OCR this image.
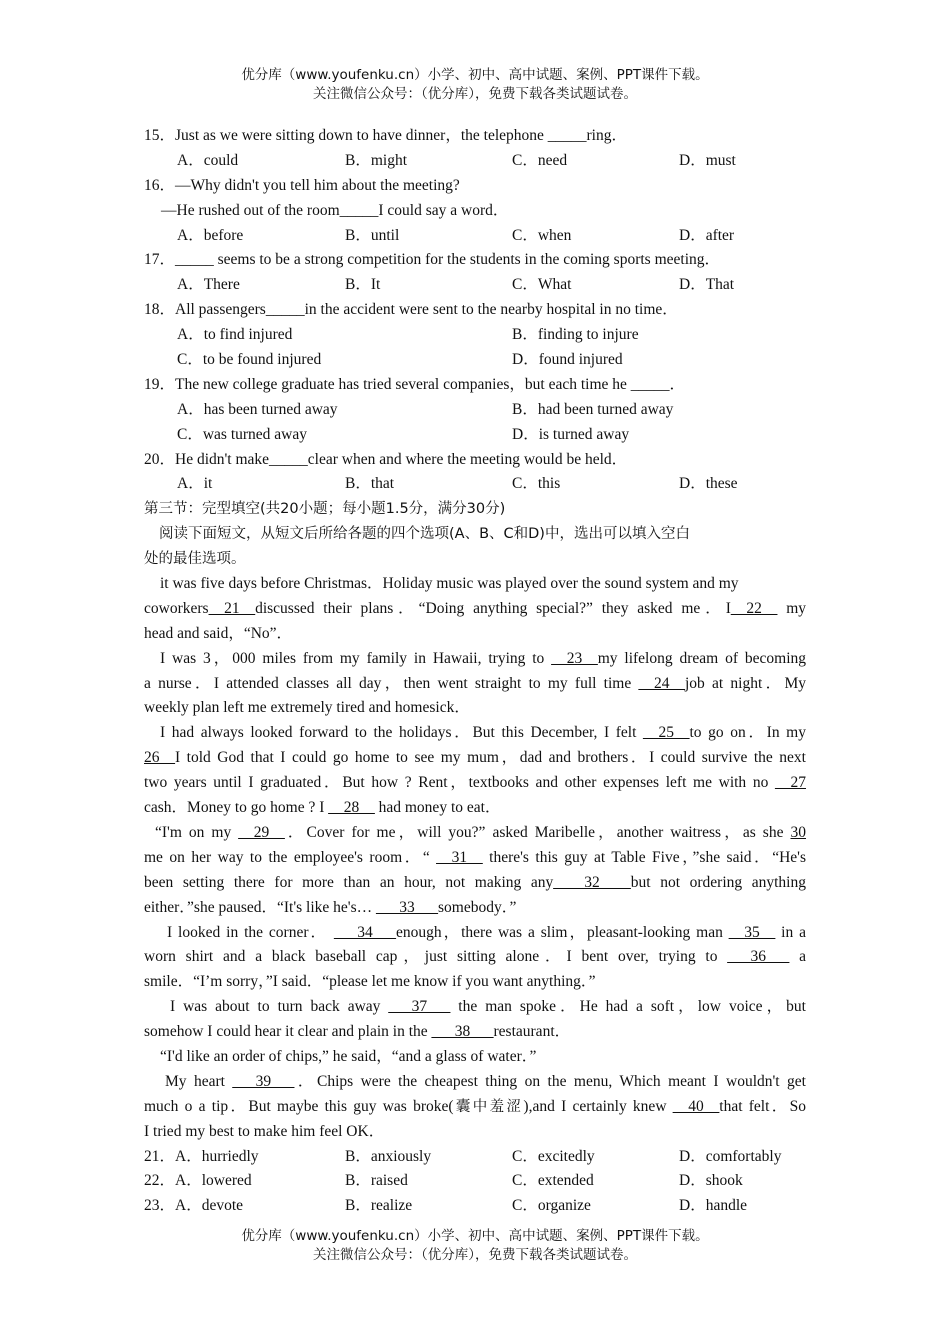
优分库（www.youfenku.cn）小学、初中、高中试题、案例、PPT课件下载。
关注微信公众号：（优分库），免费下载各类试题试卷。
15．Just as we were sitting down to have dinner，the telephone _____ring．
A．could	B．might	C．need	D．must
16．—Why didn't you tell him about the meeting?
—He rushed out of the room_____I could say a word．
A．before	B．until	C．when	D．after
17．_____ seems to be a strong competition for the students in the coming sports meeting．
A．There	B．It	C．What	D．That
18．All passengers_____in the accident were sent to the nearby hospital in no time．
A．to find injured	B．finding to injure
C．to be found injured	D．found injured
19．The new college graduate has tried several companies，but each time he _____．
A．has been turned away	B．had been turned away
C．was turned away	D．is turned away
20．He didn't make_____clear when and where the meeting would be held．
A．it	B．that	C．this	D．these
第三节：完型填空(共20小题；每小题1.5分，满分30分)
阅读下面短文，从短文后所给各题的四个选项(A、B、C和D)中，选出可以填入空白
处的最佳选项。
it was five days before Christmas．Holiday music was played over the sound system and my
coworkers__21__discussed their plans．“Doing anything special?” they asked me．I__22__ my
head and said，“No”．
I was 3，000 miles from my family in Hawaii, trying to __23__my lifelong dream of becoming
a nurse．I attended classes all day，then went straight to my full time __24__job at night．My
weekly plan left me extremely tired and homesick．
I had always looked forward to the holidays．But this December, I felt __25__to go on．In my
26__I told God that I could go home to see my mum，dad and brothers．I could survive the next
two years until I graduated．But how ? Rent，textbooks and other expenses left me with no __27
cash．Money to go home ? I __28__ had money to eat．
“I'm on my __29__．Cover for me，will you?” asked Maribelle，another waitress，as she 30
me on her way to the employee's room．“ __31__ there's this guy at Table Five，”she said．“He's
been setting there for more than an hour, not making any____32____but not ordering anything
either．”she paused．“It's like he's… ___33___somebody．”
I looked in the corner． ___34___enough，there was a slim，pleasant-looking man __35__ in a
worn shirt and a black baseball cap，just sitting alone．I bent over, trying to ___36___ a
smile．“I’m sorry，”I said．“please let me know if you want anything．”
I was about to turn back away ___37___ the man spoke．He had a soft，low voice，but
somehow I could hear it clear and plain in the ___38___restaurant．
“I'd like an order of chips,” he said，“and a glass of water．”
My heart ___39___．Chips were the cheapest thing on the menu, Which meant I wouldn't get
much o a tip．But maybe this guy was broke(囊中羞涩),and I certainly knew __40__that felt．So
I tried my best to make him feel OK．
21．A．hurriedly	B．anxiously	C．excitedly	D．comfortably
22．A．lowered	B．raised	C．extended	D．shook
23．A．devote	B．realize	C．organize	D．handle
优分库（www.youfenku.cn）小学、初中、高中试题、案例、PPT课件下载。
关注微信公众号：（优分库），免费下载各类试题试卷。
